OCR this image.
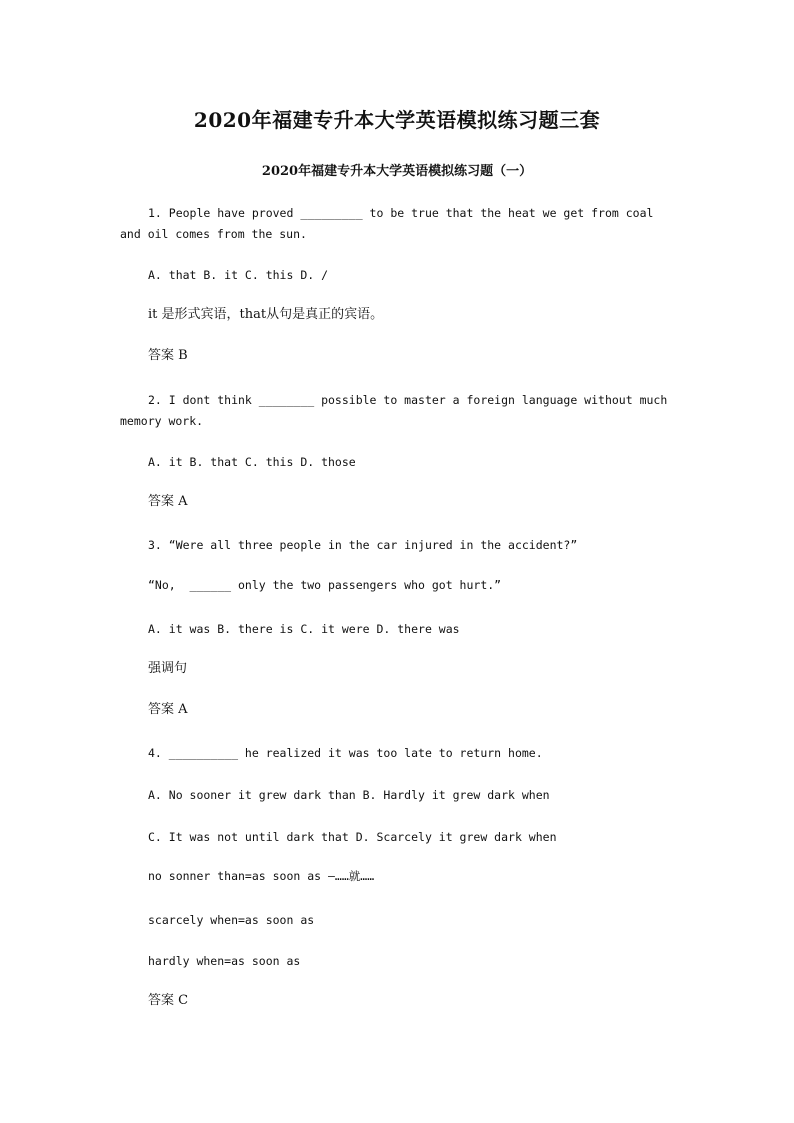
2020年福建专升本大学英语模拟练习题三套
2020年福建专升本大学英语模拟练习题（一）
1. People have proved _________ to be true that the heat we get from coal
and oil comes from the sun.
A. that B. it C. this D. /
it 是形式宾语，that从句是真正的宾语。
答案 B
2. I dont think ________ possible to master a foreign language without much
memory work.
A. it B. that C. this D. those
答案 A
3. “Were all three people in the car injured in the accident?”
“No,  ______ only the two passengers who got hurt.”
A. it was B. there is C. it were D. there was
强调句
答案 A
4. __________ he realized it was too late to return home.
A. No sooner it grew dark than B. Hardly it grew dark when
C. It was not until dark that D. Scarcely it grew dark when
no sonner than=as soon as —……就……
scarcely when=as soon as
hardly when=as soon as
答案 C
